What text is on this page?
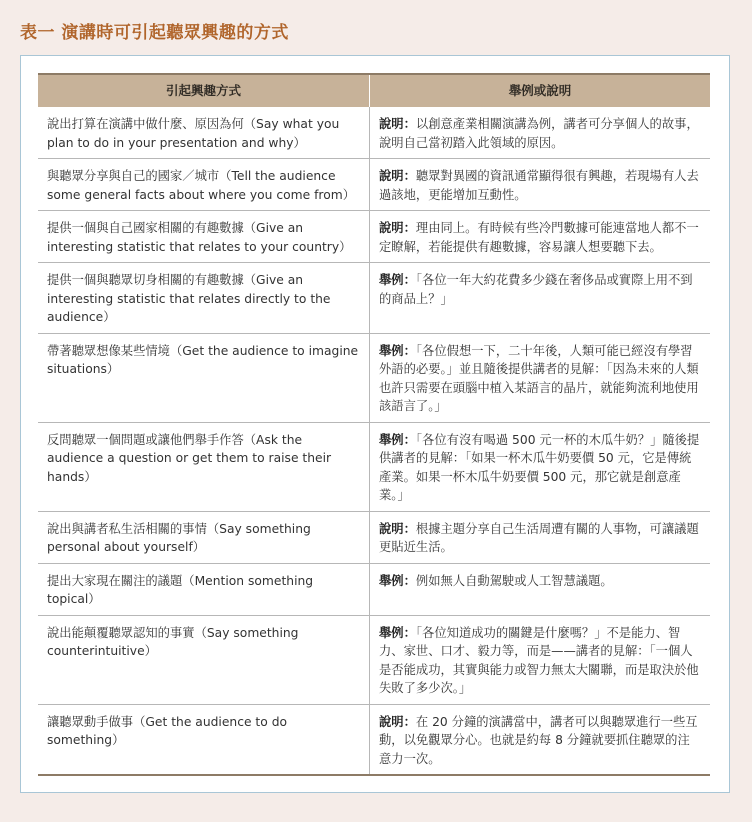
表一 演講時可引起聽眾興趣的方式
引起興趣方式	舉例或說明
說出打算在演講中做什麼、原因為何（Say what you plan to do in your presentation and why）	說明：以創意產業相關演講為例，講者可分享個人的故事，說明自己當初踏入此領域的原因。
與聽眾分享與自己的國家／城市（Tell the audience some general facts about where you come from）	說明：聽眾對異國的資訊通常顯得很有興趣，若現場有人去過該地，更能增加互動性。
提供一個與自己國家相關的有趣數據（Give an interesting statistic that relates to your country）	說明：理由同上。有時候有些冷門數據可能連當地人都不一定瞭解，若能提供有趣數據，容易讓人想要聽下去。
提供一個與聽眾切身相關的有趣數據（Give an interesting statistic that relates directly to the audience）	舉例：「各位一年大約花費多少錢在奢侈品或實際上用不到的商品上？」
帶著聽眾想像某些情境（Get the audience to imagine situations）	舉例：「各位假想一下，二十年後，人類可能已經沒有學習外語的必要。」並且隨後提供講者的見解：「因為未來的人類也許只需要在頭腦中植入某語言的晶片，就能夠流利地使用該語言了。」
反問聽眾一個問題或讓他們舉手作答（Ask the audience a question or get them to raise their hands）	舉例：「各位有沒有喝過 500 元一杯的木瓜牛奶？」隨後提供講者的見解：「如果一杯木瓜牛奶要價 50 元，它是傳統產業。如果一杯木瓜牛奶要價 500 元，那它就是創意產業。」
說出與講者私生活相關的事情（Say something personal about yourself）	說明：根據主題分享自己生活周遭有關的人事物，可讓議題更貼近生活。
提出大家現在關注的議題（Mention something topical）	舉例：例如無人自動駕駛或人工智慧議題。
說出能顛覆聽眾認知的事實（Say something counterintuitive）	舉例：「各位知道成功的關鍵是什麼嗎？」不是能力、智力、家世、口才、毅力等，而是——講者的見解：「一個人是否能成功，其實與能力或智力無太大關聯，而是取決於他失敗了多少次。」
讓聽眾動手做事（Get the audience to do something）	說明：在 20 分鐘的演講當中，講者可以與聽眾進行一些互動，以免觀眾分心。也就是約每 8 分鐘就要抓住聽眾的注意力一次。
